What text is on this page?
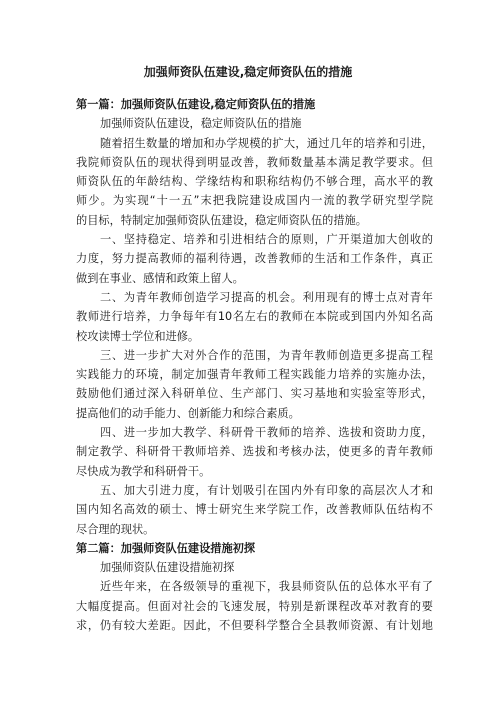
加强师资队伍建设,稳定师资队伍的措施
第一篇：加强师资队伍建设,稳定师资队伍的措施
加强师资队伍建设，稳定师资队伍的措施
随着招生数量的增加和办学规模的扩大，通过几年的培养和引进，
我院师资队伍的现状得到明显改善，教师数量基本满足教学要求。但
师资队伍的年龄结构、学缘结构和职称结构仍不够合理，高水平的教
师少。为实现“十一五”末把我院建设成国内一流的教学研究型学院
的目标，特制定加强师资队伍建设，稳定师资队伍的措施。
一、坚持稳定、培养和引进相结合的原则，广开渠道加大创收的
力度，努力提高教师的福利待遇，改善教师的生活和工作条件，真正
做到在事业、感情和政策上留人。
二、为青年教师创造学习提高的机会。利用现有的博士点对青年
教师进行培养，力争每年有10名左右的教师在本院或到国内外知名高
校攻读博士学位和进修。
三、进一步扩大对外合作的范围，为青年教师创造更多提高工程
实践能力的环境，制定加强青年教师工程实践能力培养的实施办法，
鼓励他们通过深入科研单位、生产部门、实习基地和实验室等形式，
提高他们的动手能力、创新能力和综合素质。
四、进一步加大教学、科研骨干教师的培养、选拔和资助力度，
制定教学、科研骨干教师培养、选拔和考核办法，使更多的青年教师
尽快成为教学和科研骨干。
五、加大引进力度，有计划吸引在国内外有印象的高层次人才和
国内知名高效的硕士、博士研究生来学院工作，改善教师队伍结构不
尽合理的现状。
第二篇：加强师资队伍建设措施初探
加强师资队伍建设措施初探
近些年来，在各级领导的重视下，我县师资队伍的总体水平有了
大幅度提高。但面对社会的飞速发展，特别是新课程改革对教育的要
求，仍有较大差距。因此，不但要科学整合全县教师资源、有计划地
